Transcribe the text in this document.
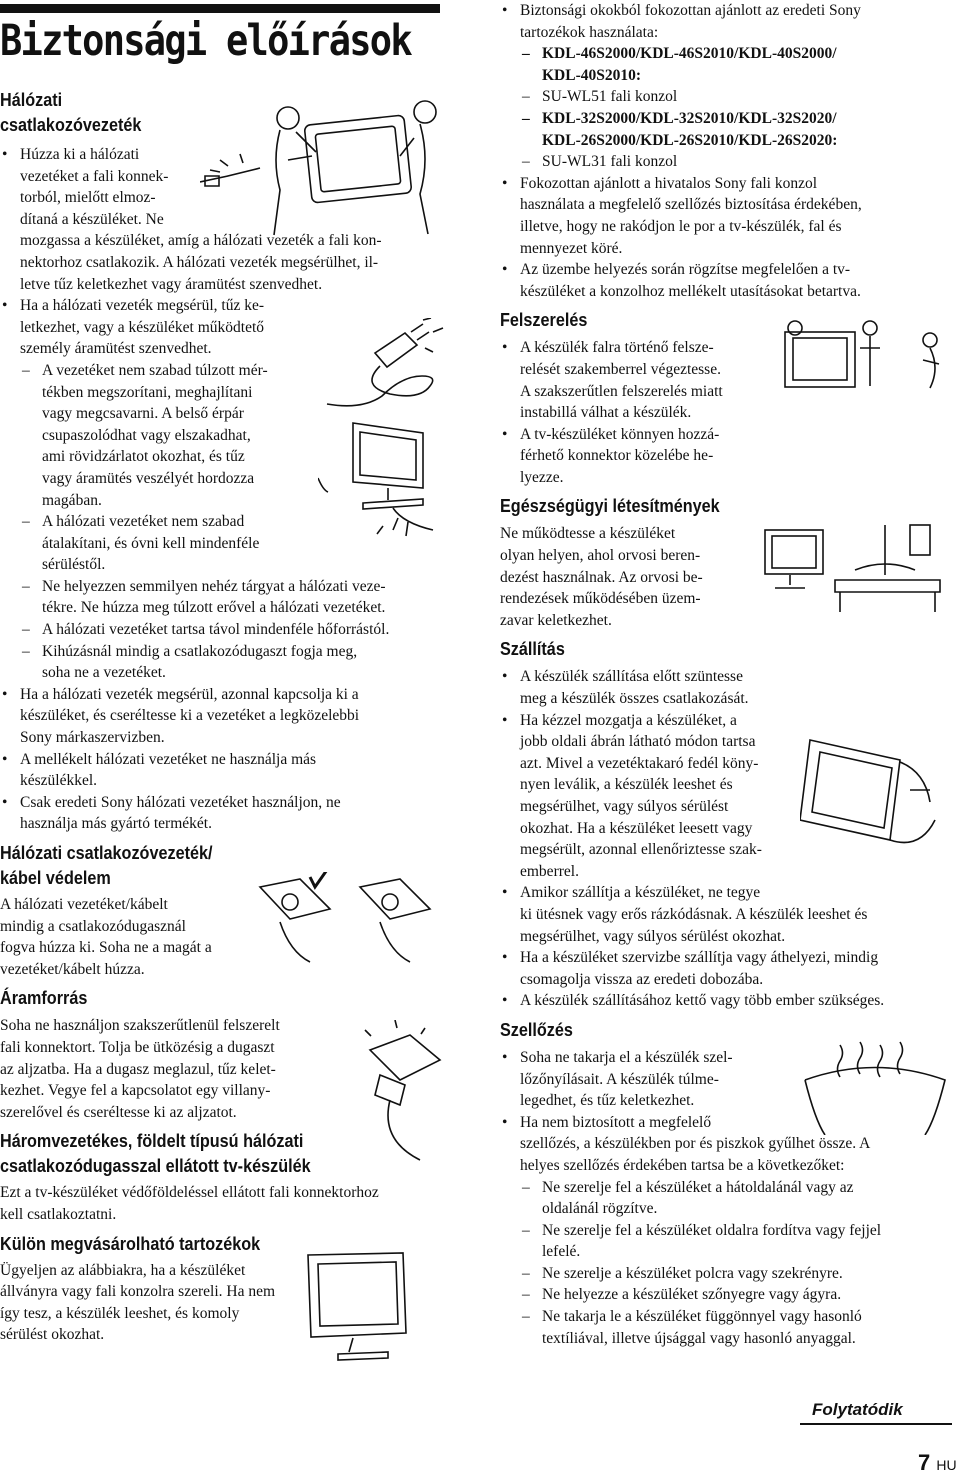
Biztonsági előírások
Hálózati
csatlakozóvezeték
• Húzza ki a hálózati
vezetéket a fali konnek-
torból, mielőtt elmoz-
dítaná a készüléket. Ne
mozgassa a készüléket, amíg a hálózati vezeték a fali kon-
nektorhoz csatlakozik. A hálózati vezeték megsérülhet, il-
letve tűz keletkezhet vagy áramütést szenvedhet.
• Ha a hálózati vezeték megsérül, tűz ke-
letkezhet, vagy a készüléket működtető
személy áramütést szenvedhet.
– A vezetéket nem szabad túlzott mér-
tékben megszorítani, meghajlítani
vagy megcsavarni. A belső érpár
csupaszolódhat vagy elszakadhat,
ami rövidzárlatot okozhat, és tűz
vagy áramütés veszélyét hordozza
magában.
– A hálózati vezetéket nem szabad
átalakítani, és óvni kell mindenféle
sérüléstől.
– Ne helyezzen semmilyen nehéz tárgyat a hálózati veze-
tékre. Ne húzza meg túlzott erővel a hálózati vezetéket.
– A hálózati vezetéket tartsa távol mindenféle hőforrástól.
– Kihúzásnál mindig a csatlakozódugaszt fogja meg,
soha ne a vezetéket.
• Ha a hálózati vezeték megsérül, azonnal kapcsolja ki a
készüléket, és cseréltesse ki a vezetéket a legközelebbi
Sony márkaszervizben.
• A mellékelt hálózati vezetéket ne használja más
készülékkel.
• Csak eredeti Sony hálózati vezetéket használjon, ne
használja más gyártó termékét.
Hálózati csatlakozóvezeték/
kábel védelem
A hálózati vezetéket/kábelt
mindig a csatlakozódugasznál
fogva húzza ki. Soha ne a magát a
vezetéket/kábelt húzza.
Áramforrás
Soha ne használjon szakszerűtlenül felszerelt
fali konnektort. Tolja be ütközésig a dugaszt
az aljzatba. Ha a dugasz meglazul, tűz kelet-
kezhet. Vegye fel a kapcsolatot egy villany-
szerelővel és cseréltesse ki az aljzatot.
Háromvezetékes, földelt típusú hálózati
csatlakozódugasszal ellátott tv-készülék
Ezt a tv-készüléket védőföldeléssel ellátott fali konnektorhoz
kell csatlakoztatni.
Külön megvásárolható tartozékok
Ügyeljen az alábbiakra, ha a készüléket
állványra vagy fali konzolra szereli. Ha nem
így tesz, a készülék leeshet, és komoly
sérülést okozhat.
• Biztonsági okokból fokozottan ajánlott az eredeti Sony
tartozékok használata:
– KDL-46S2000/KDL-46S2010/KDL-40S2000/
KDL-40S2010:
– SU-WL51 fali konzol
– KDL-32S2000/KDL-32S2010/KDL-32S2020/
KDL-26S2000/KDL-26S2010/KDL-26S2020:
– SU-WL31 fali konzol
• Fokozottan ajánlott a hivatalos Sony fali konzol
használata a megfelelő szellőzés biztosítása érdekében,
illetve, hogy ne rakódjon le por a tv-készülék, fal és
mennyezet köré.
• Az üzembe helyezés során rögzítse megfelelően a tv-
készüléket a konzolhoz mellékelt utasításokat betartva.
Felszerelés
• A készülék falra történő felsze-
relését szakemberrel végeztesse.
A szakszerűtlen felszerelés miatt
instabillá válhat a készülék.
• A tv-készüléket könnyen hozzá-
férhető konnektor közelébe he-
lyezze.
Egészségügyi létesítmények
Ne működtesse a készüléket
olyan helyen, ahol orvosi beren-
dezést használnak. Az orvosi be-
rendezések működésében üzem-
zavar keletkezhet.
Szállítás
• A készülék szállítása előtt szüntesse
meg a készülék összes csatlakozását.
• Ha kézzel mozgatja a készüléket, a
jobb oldali ábrán látható módon tartsa
azt. Mivel a vezetéktakaró fedél köny-
nyen leválik, a készülék leeshet és
megsérülhet, vagy súlyos sérülést
okozhat. Ha a készüléket leesett vagy
megsérült, azonnal ellenőriztesse szak-
emberrel.
• Amikor szállítja a készüléket, ne tegye
ki ütésnek vagy erős rázkódásnak. A készülék leeshet és
megsérülhet, vagy súlyos sérülést okozhat.
• Ha a készüléket szervizbe szállítja vagy áthelyezi, mindig
csomagolja vissza az eredeti dobozába.
• A készülék szállításához kettő vagy több ember szükséges.
Szellőzés
• Soha ne takarja el a készülék szel-
lőzőnyílásait. A készülék túlme-
legedhet, és tűz keletkezhet.
• Ha nem biztosított a megfelelő
szellőzés, a készülékben por és piszkok gyűlhet össze. A
helyes szellőzés érdekében tartsa be a következőket:
– Ne szerelje fel a készüléket a hátoldalánál vagy az
oldalánál rögzítve.
– Ne szerelje fel a készüléket oldalra fordítva vagy fejjel
lefelé.
– Ne szerelje a készüléket polcra vagy szekrényre.
– Ne helyezze a készüléket szőnyegre vagy ágyra.
– Ne takarja le a készüléket függönnyel vagy hasonló
textíliával, illetve újsággal vagy hasonló anyaggal.
Folytatódik
7 HU
